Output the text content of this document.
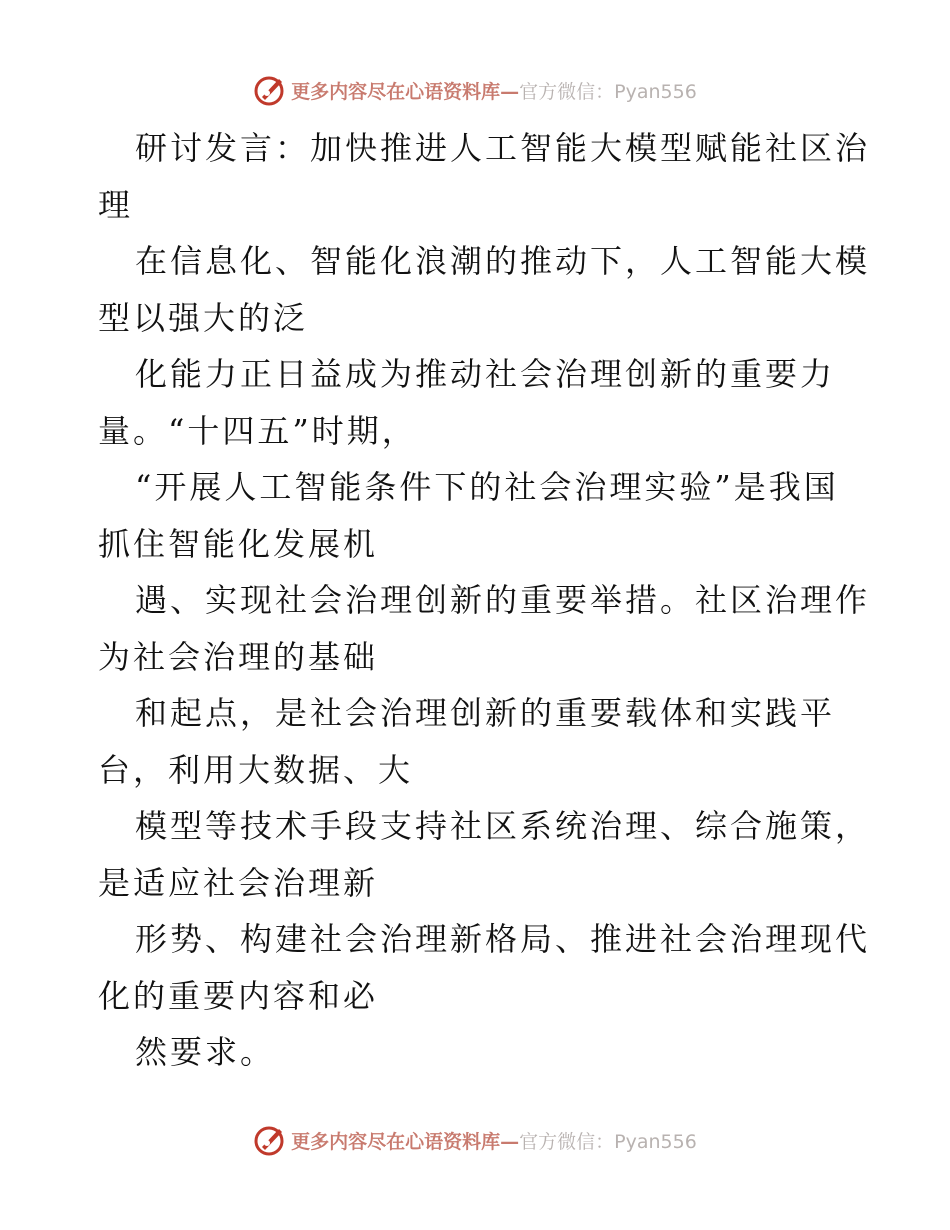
更多内容尽在心语资料库—官方微信：Pyan556
研讨发言：加快推进人工智能大模型赋能社区治
理
在信息化、智能化浪潮的推动下，人工智能大模
型以强大的泛
化能力正日益成为推动社会治理创新的重要力
量。“十四五”时期，
“开展人工智能条件下的社会治理实验”是我国
抓住智能化发展机
遇、实现社会治理创新的重要举措。社区治理作
为社会治理的基础
和起点，是社会治理创新的重要载体和实践平
台，利用大数据、大
模型等技术手段支持社区系统治理、综合施策，
是适应社会治理新
形势、构建社会治理新格局、推进社会治理现代
化的重要内容和必
然要求。
更多内容尽在心语资料库—官方微信：Pyan556
